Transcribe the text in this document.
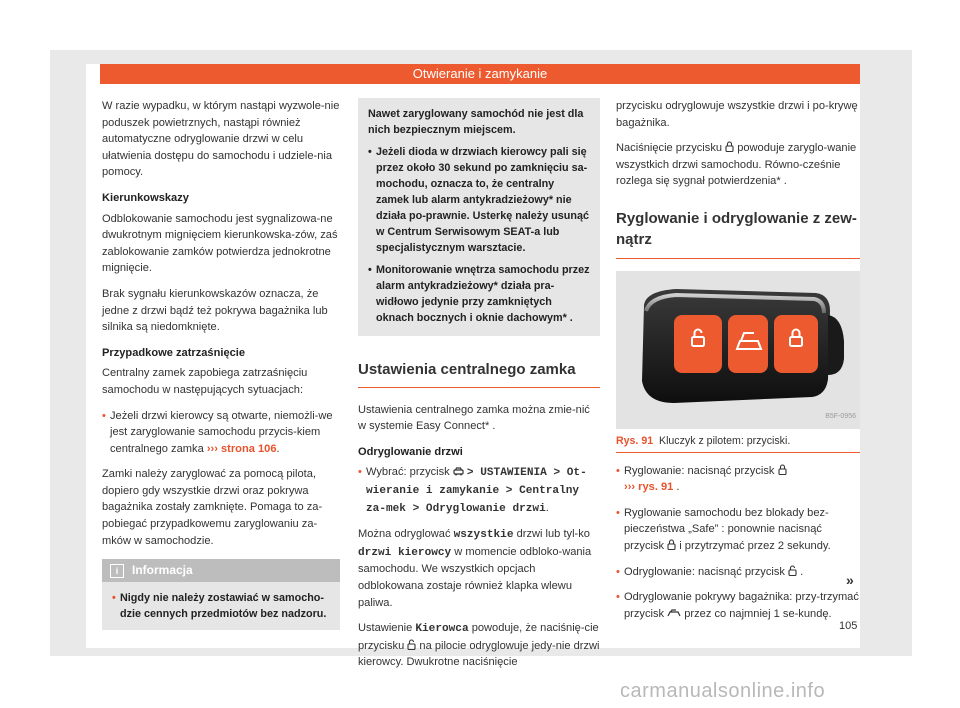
Otwieranie i zamykanie

W razie wypadku, w którym nastąpi wyzwole-nie poduszek powietrznych, nastąpi również automatyczne odryglowanie drzwi w celu ułatwienia dostępu do samochodu i udziele-nia pomocy.

Kierunkowskazy

Odblokowanie samochodu jest sygnalizowa-ne dwukrotnym mignięciem kierunkowska-zów, zaś zablokowanie zamków potwierdza jednokrotne mignięcie.

Brak sygnału kierunkowskazów oznacza, że jedne z drzwi bądź też pokrywa bagażnika lub silnika są niedomknięte.

Przypadkowe zatrzaśnięcie

Centralny zamek zapobiega zatrzaśnięciu samochodu w następujących sytuacjach:

• Jeżeli drzwi kierowcy są otwarte, niemożli-we jest zaryglowanie samochodu przycis-kiem centralnego zamka ››› strona 106.

Zamki należy zaryglować za pomocą pilota, dopiero gdy wszystkie drzwi oraz pokrywa bagażnika zostały zamknięte. Pomaga to za-pobiegać przypadkowemu zaryglowaniu za-mków w samochodzie.

i	Informacja
• Nigdy nie należy zostawiać w samocho-dzie cennych przedmiotów bez nadzoru.

Nawet zaryglowany samochód nie jest dla nich bezpiecznym miejscem.

• Jeżeli dioda w drzwiach kierowcy pali się przez około 30 sekund po zamknięciu sa-mochodu, oznacza to, że centralny zamek lub alarm antykradzieżowy* nie działa po-prawnie. Usterkę należy usunąć w Centrum Serwisowym SEAT-a lub specjalistycznym warsztacie.

• Monitorowanie wnętrza samochodu przez alarm antykradzieżowy* działa pra-widłowo jedynie przy zamkniętych oknach bocznych i oknie dachowym* .

Ustawienia centralnego zamka

Ustawienia centralnego zamka można zmie-nić w systemie Easy Connect* .

Odryglowanie drzwi

• Wybrać: przycisk  > USTAWIENIA > Ot-wieranie i zamykanie > Centralny za-mek > Odryglowanie drzwi.

Można odryglować wszystkie drzwi lub tyl-ko drzwi kierowcy w momencie odbloko-wania samochodu. We wszystkich opcjach odblokowana zostaje również klapka wlewu paliwa.

Ustawienie Kierowca powoduje, że naciśnię-cie przycisku  na pilocie odryglowuje jedy-nie drzwi kierowcy. Dwukrotne naciśnięcie

przycisku odryglowuje wszystkie drzwi i po-krywę bagażnika.

Naciśnięcie przycisku  powoduje zaryglo-wanie wszystkich drzwi samochodu. Równo-cześnie rozlega się sygnał potwierdzenia* .

Ryglowanie i odryglowanie z zew-nątrz
B5F-0956
Rys. 91 Kluczyk z pilotem: przyciski.

• Ryglowanie: nacisnąć przycisk
››› rys. 91 .

• Ryglowanie samochodu bez blokady bez-pieczeństwa „Safe” : ponownie nacisnąć przycisk  i przytrzymać przez 2 sekundy.

• Odryglowanie: nacisnąć przycisk  .

• Odryglowanie pokrywy bagażnika: przy-trzymać przycisk  przez co najmniej 1 se-kundę.

»
105
carmanualsonline.info
